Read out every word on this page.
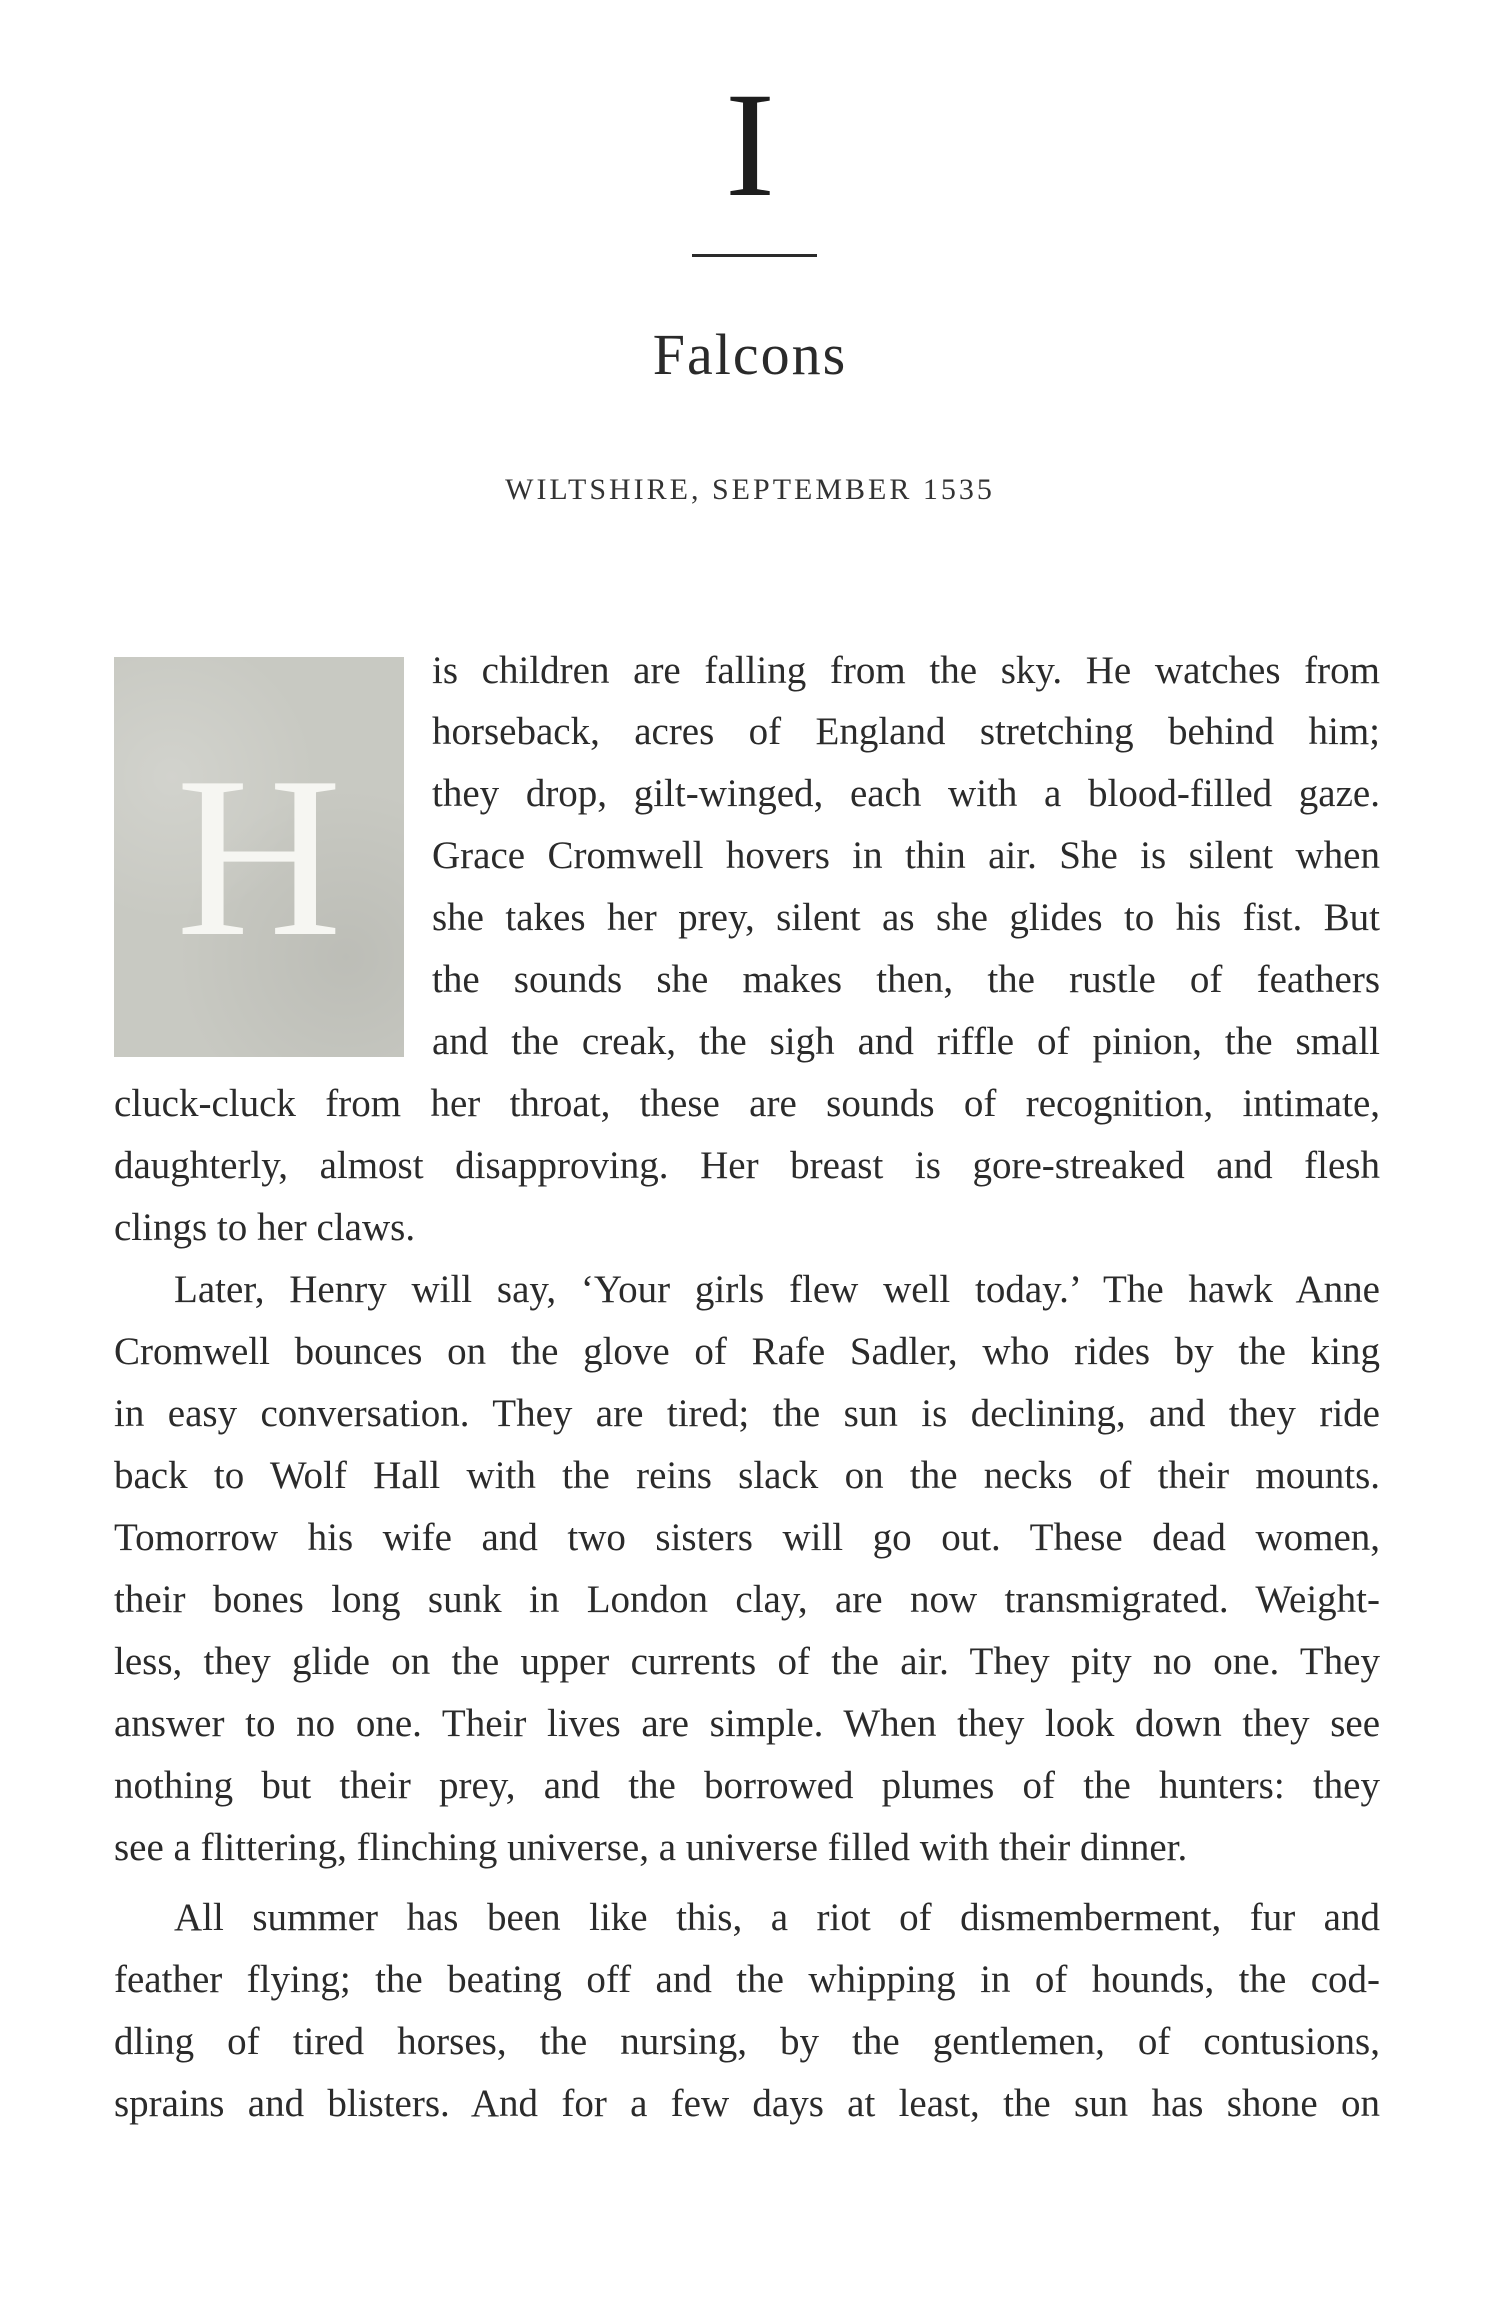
I
Falcons
WILTSHIRE, SEPTEMBER 1535
H
is children are falling from the sky. He watches from
horseback, acres of England stretching behind him;
they drop, gilt-winged, each with a blood-filled gaze.
Grace Cromwell hovers in thin air. She is silent when
she takes her prey, silent as she glides to his fist. But
the sounds she makes then, the rustle of feathers
and the creak, the sigh and riffle of pinion, the small
cluck-cluck from her throat, these are sounds of recognition, intimate,
daughterly, almost disapproving. Her breast is gore-streaked and flesh
clings to her claws.
Later, Henry will say, ‘Your girls flew well today.’ The hawk Anne
Cromwell bounces on the glove of Rafe Sadler, who rides by the king
in easy conversation. They are tired; the sun is declining, and they ride
back to Wolf Hall with the reins slack on the necks of their mounts.
Tomorrow his wife and two sisters will go out. These dead women,
their bones long sunk in London clay, are now transmigrated. Weight-
less, they glide on the upper currents of the air. They pity no one. They
answer to no one. Their lives are simple. When they look down they see
nothing but their prey, and the borrowed plumes of the hunters: they
see a flittering, flinching universe, a universe filled with their dinner.
All summer has been like this, a riot of dismemberment, fur and
feather flying; the beating off and the whipping in of hounds, the cod-
dling of tired horses, the nursing, by the gentlemen, of contusions,
sprains and blisters. And for a few days at least, the sun has shone on
